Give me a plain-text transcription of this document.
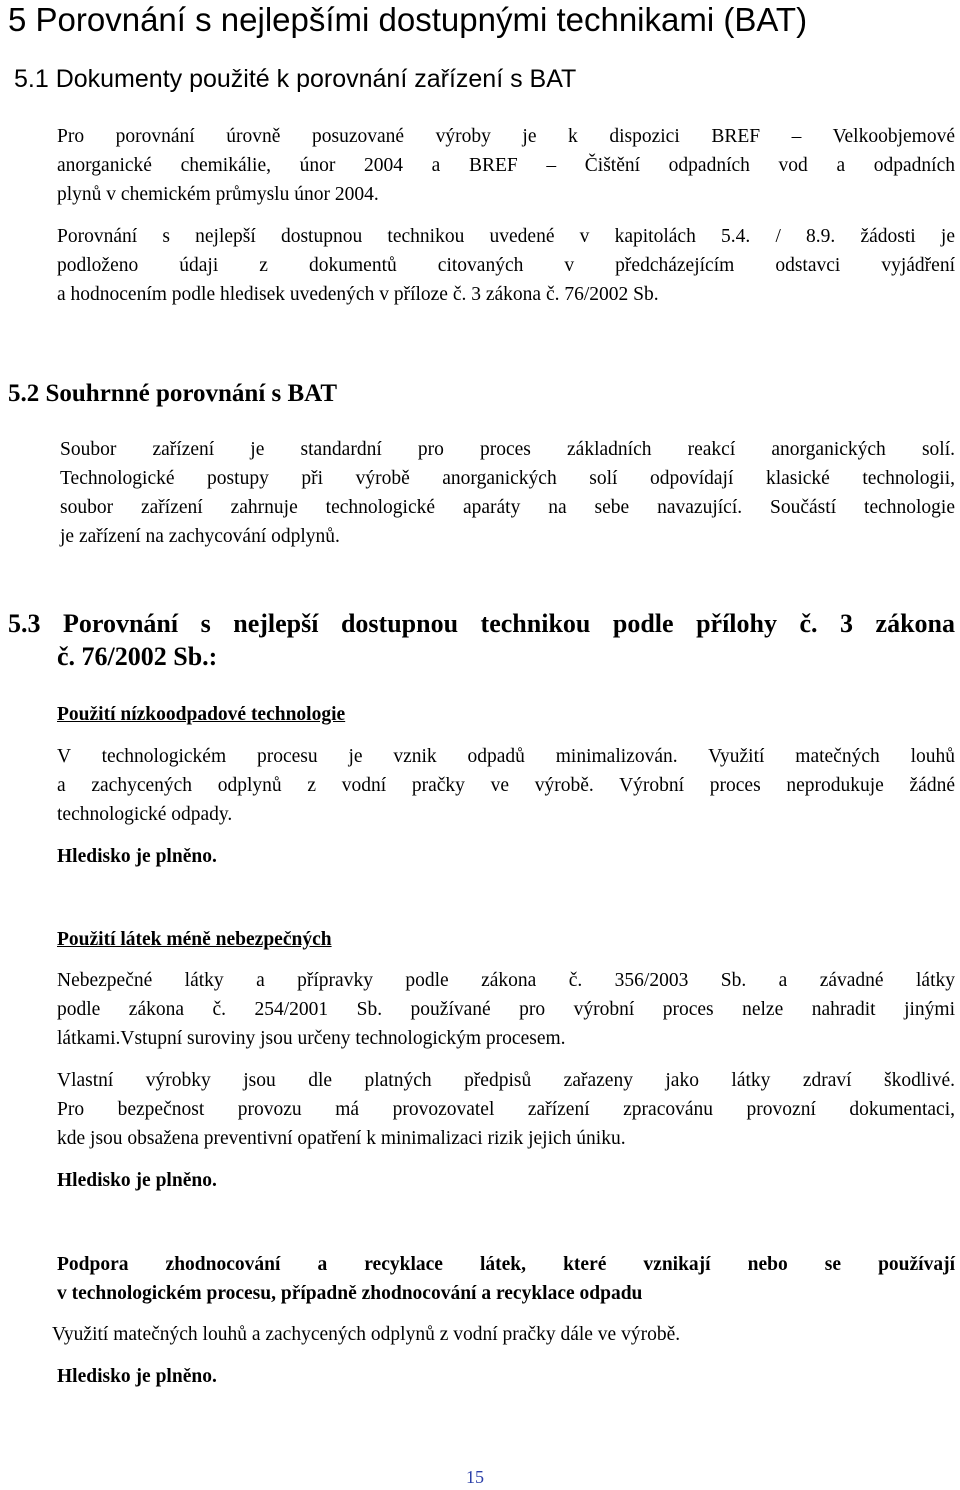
5 Porovnání s nejlepšími dostupnými technikami (BAT)
5.1 Dokumenty použité k porovnání zařízení s BAT
Pro porovnání úrovně posuzované výroby je k dispozici BREF – Velkoobjemové
anorganické chemikálie, únor 2004 a BREF – Čištění odpadních vod a odpadních
plynů v chemickém průmyslu únor 2004.
Porovnání s nejlepší dostupnou technikou uvedené v kapitolách 5.4. / 8.9. žádosti je
podloženo údaji z dokumentů citovaných v předcházejícím odstavci vyjádření
a hodnocením podle hledisek uvedených v příloze č. 3 zákona č. 76/2002 Sb.
5.2 Souhrnné porovnání s BAT
Soubor zařízení je standardní pro proces základních reakcí anorganických solí.
Technologické postupy při výrobě anorganických solí odpovídají klasické technologii,
soubor zařízení zahrnuje technologické aparáty na sebe navazující. Součástí technologie
je zařízení na zachycování odplynů.
5.3 Porovnání s nejlepší dostupnou technikou podle přílohy č. 3 zákona
č. 76/2002 Sb.:
Použití nízkoodpadové technologie
V technologickém procesu je vznik odpadů minimalizován. Využití matečných louhů
a zachycených odplynů z vodní pračky ve výrobě. Výrobní proces neprodukuje žádné
technologické odpady.
Hledisko je plněno.
Použití látek méně nebezpečných
Nebezpečné látky a přípravky podle zákona č. 356/2003 Sb. a závadné látky
podle zákona č. 254/2001 Sb. používané pro výrobní proces nelze nahradit jinými
látkami.Vstupní suroviny jsou určeny technologickým procesem.
Vlastní výrobky jsou dle platných předpisů zařazeny jako látky zdraví škodlivé.
Pro bezpečnost provozu má provozovatel zařízení zpracovánu provozní dokumentaci,
kde jsou obsažena preventivní opatření k minimalizaci rizik jejich úniku.
Hledisko je plněno.
Podpora zhodnocování a recyklace látek, které vznikají nebo se používají
v technologickém procesu, případně zhodnocování a recyklace odpadu
Využití matečných louhů a zachycených odplynů z vodní pračky dále ve výrobě.
Hledisko je plněno.
15
